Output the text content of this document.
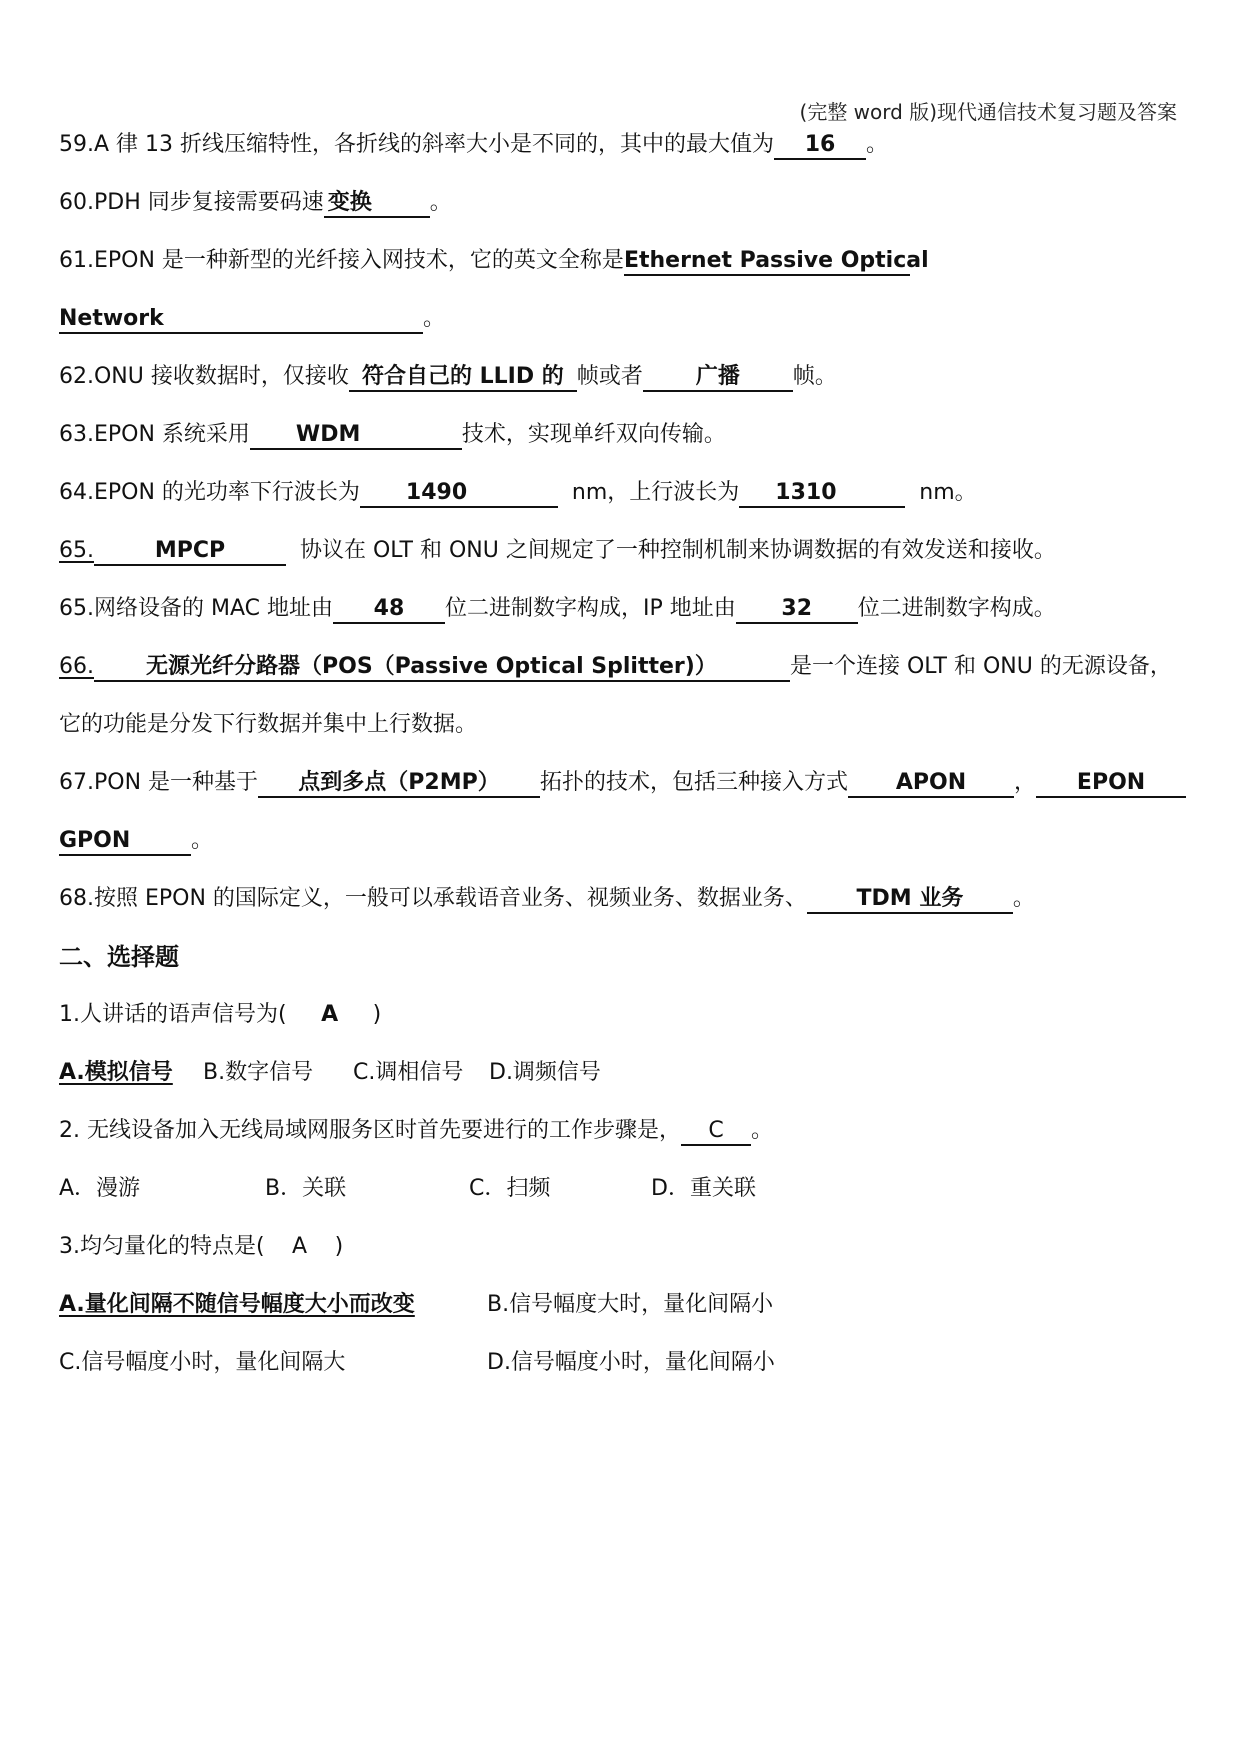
(完整 word 版)现代通信技术复习题及答案
59.A 律 13 折线压缩特性，各折线的斜率大小是不同的，其中的最大值为 16 。
60.PDH 同步复接需要码速 变换	。
61.EPON 是一种新型的光纤接入网技术，它的英文全称是Ethernet Passive Optical
Network	。
62.ONU 接收数据时，仅接收 符合自己的 LLID 的 帧或者 广播 帧。
63.EPON 系统采用 WDM	技术，实现单纤双向传输。
64.EPON 的光功率下行波长为 1490	nm，上行波长为 1310	nm。
65.	MPCP	协议在 OLT 和 ONU 之间规定了一种控制机制来协调数据的有效发送和接收。
65.网络设备的 MAC 地址由 48 位二进制数字构成，IP 地址由 32 位二进制数字构成。
66. 无源光纤分路器（POS（Passive Optical Splitter)）	是一个连接 OLT 和 ONU 的无源设备，
它的功能是分发下行数据并集中上行数据。
67.PON 是一种基于 点到多点（P2MP） 拓扑的技术，包括三种接入方式 APON ， EPON
GPON	。
68.按照 EPON 的国际定义，一般可以承载语音业务、视频业务、数据业务、 TDM 业务 。
二、选择题
1.人讲话的语声信号为( A )
A.模拟信号 B.数字信号 C.调相信号 D.调频信号
2. 无线设备加入无线局域网服务区时首先要进行的工作步骤是， C 。
A．漫游	B．关联	C．扫频	D．重关联
3.均匀量化的特点是( A )
A.量化间隔不随信号幅度大小而改变	B.信号幅度大时，量化间隔小
C.信号幅度小时，量化间隔大	D.信号幅度小时，量化间隔小
